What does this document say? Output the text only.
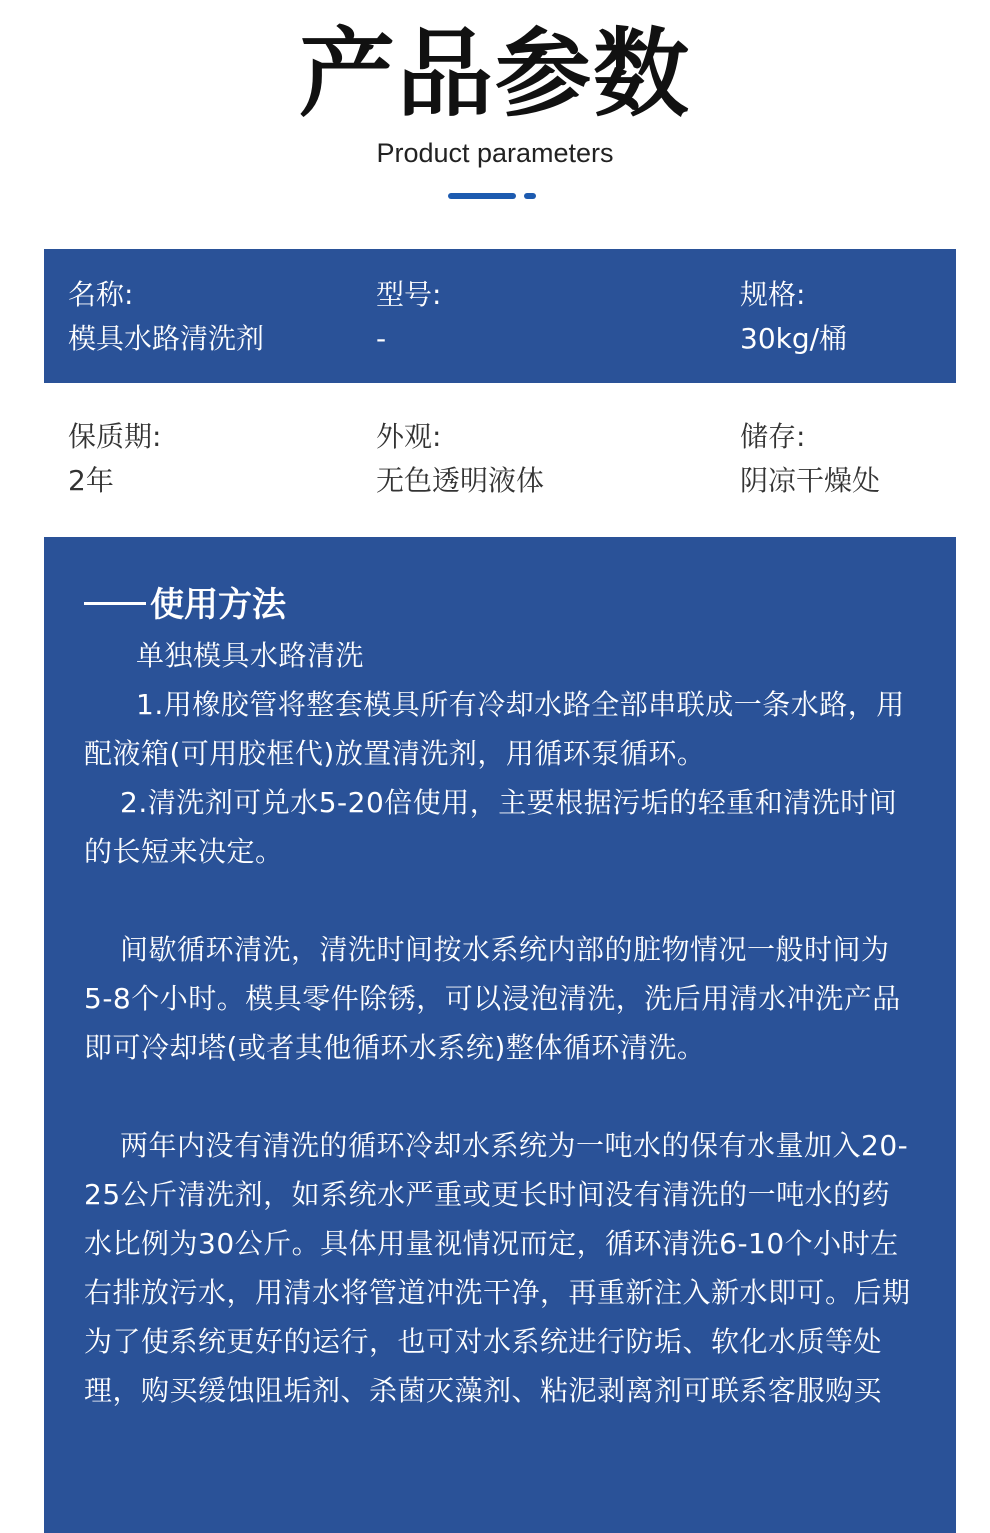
产品参数
Product parameters
名称:
模具水路清洗剂
型号:
-
规格:
30kg/桶
保质期:
2年
外观:
无色透明液体
储存:
阴凉干燥处
使用方法

单独模具水路清洗

1.用橡胶管将整套模具所有冷却水路全部串联成一条水路，用配液箱(可用胶框代)放置清洗剂，用循环泵循环。

2.清洗剂可兑水5-20倍使用，主要根据污垢的轻重和清洗时间的长短来决定。

间歇循环清洗，清洗时间按水系统内部的脏物情况一般时间为5-8个小时。模具零件除锈，可以浸泡清洗，洗后用清水冲洗产品即可冷却塔(或者其他循环水系统)整体循环清洗。

两年内没有清洗的循环冷却水系统为一吨水的保有水量加入20-25公斤清洗剂，如系统水严重或更长时间没有清洗的一吨水的药水比例为30公斤。具体用量视情况而定，循环清洗6-10个小时左右排放污水，用清水将管道冲洗干净，再重新注入新水即可。后期为了使系统更好的运行，也可对水系统进行防垢、软化水质等处理，购买缓蚀阻垢剂、杀菌灭藻剂、粘泥剥离剂可联系客服购买
